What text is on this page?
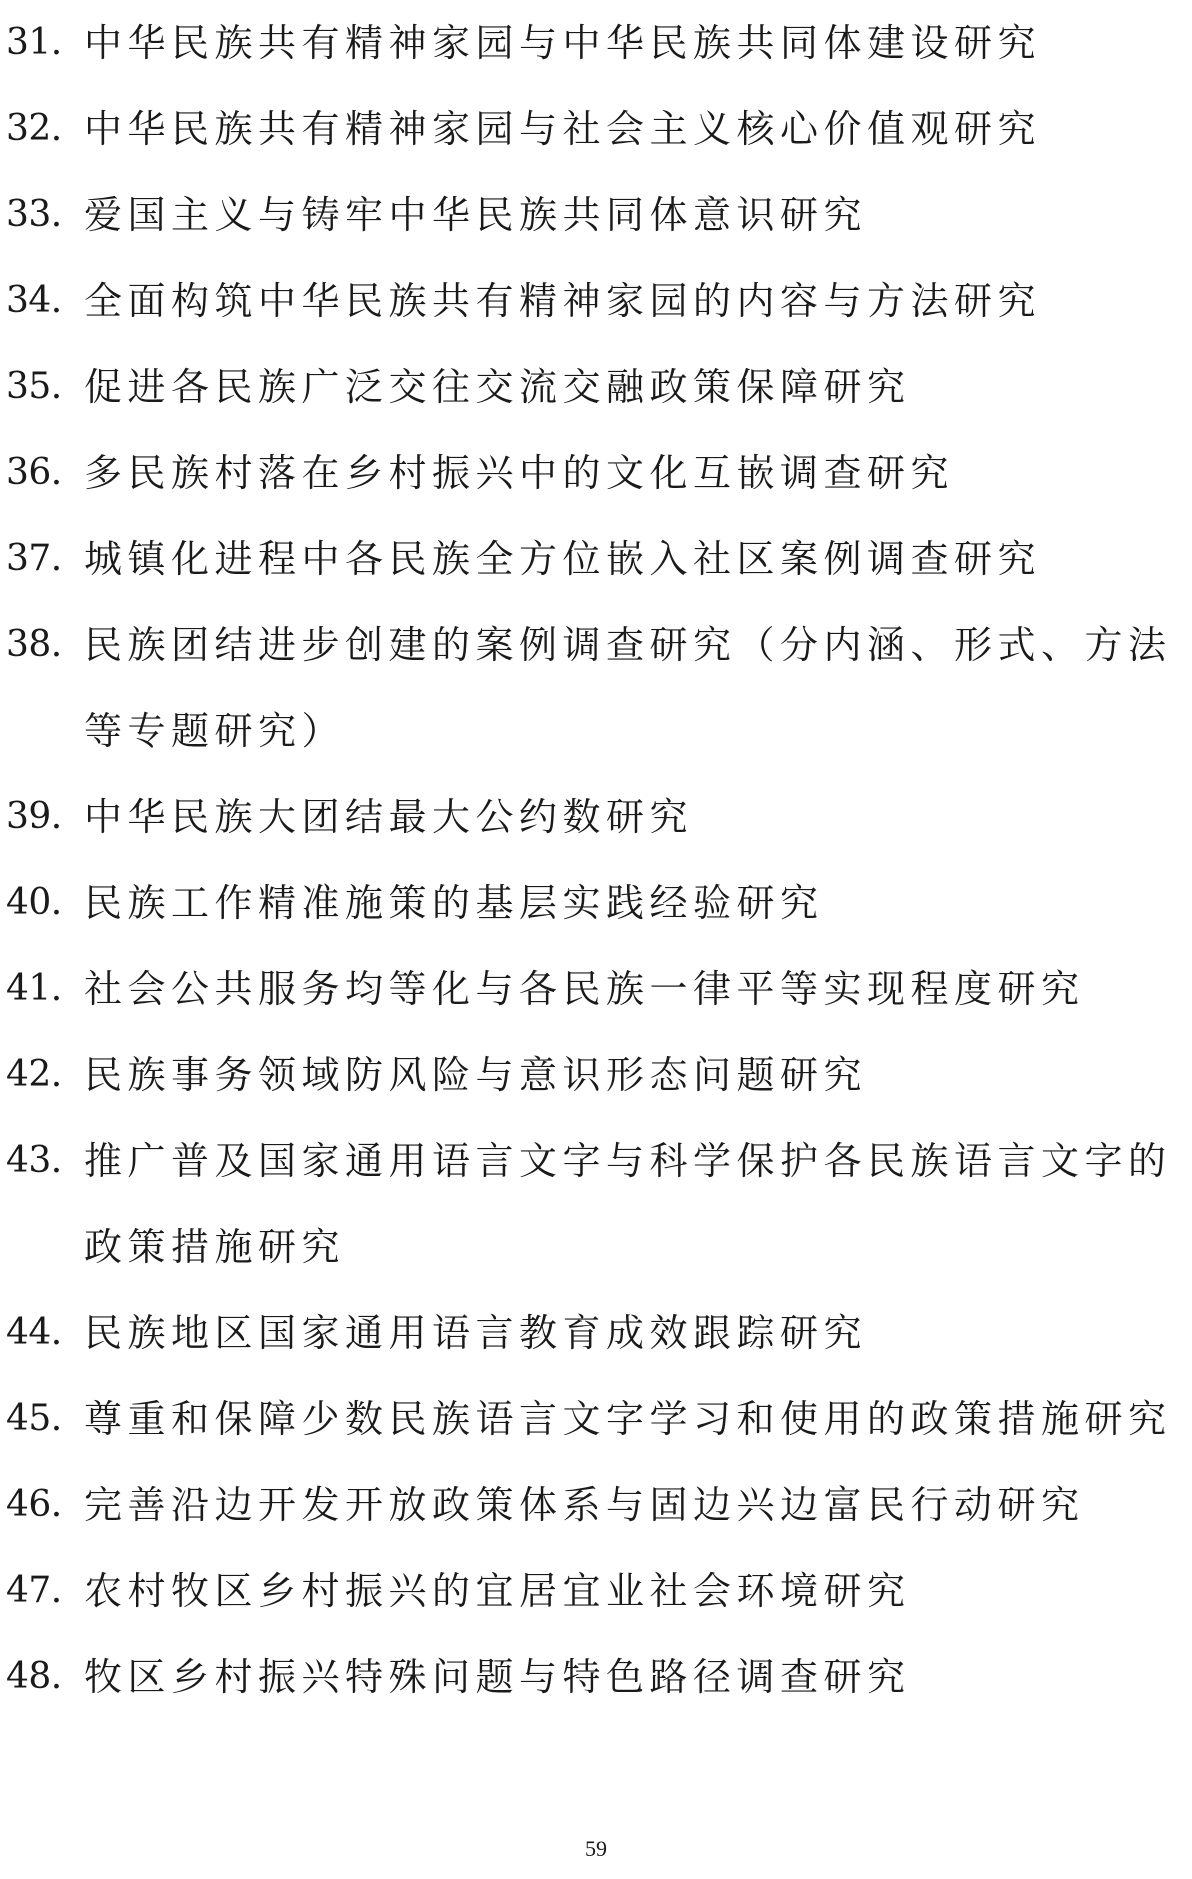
31. 中华民族共有精神家园与中华民族共同体建设研究
32. 中华民族共有精神家园与社会主义核心价值观研究
33. 爱国主义与铸牢中华民族共同体意识研究
34. 全面构筑中华民族共有精神家园的内容与方法研究
35. 促进各民族广泛交往交流交融政策保障研究
36. 多民族村落在乡村振兴中的文化互嵌调查研究
37. 城镇化进程中各民族全方位嵌入社区案例调查研究
38. 民族团结进步创建的案例调查研究（分内涵、形式、方法等专题研究）
39. 中华民族大团结最大公约数研究
40. 民族工作精准施策的基层实践经验研究
41. 社会公共服务均等化与各民族一律平等实现程度研究
42. 民族事务领域防风险与意识形态问题研究
43. 推广普及国家通用语言文字与科学保护各民族语言文字的政策措施研究
44. 民族地区国家通用语言教育成效跟踪研究
45. 尊重和保障少数民族语言文字学习和使用的政策措施研究
46. 完善沿边开发开放政策体系与固边兴边富民行动研究
47. 农村牧区乡村振兴的宜居宜业社会环境研究
48. 牧区乡村振兴特殊问题与特色路径调查研究
59
